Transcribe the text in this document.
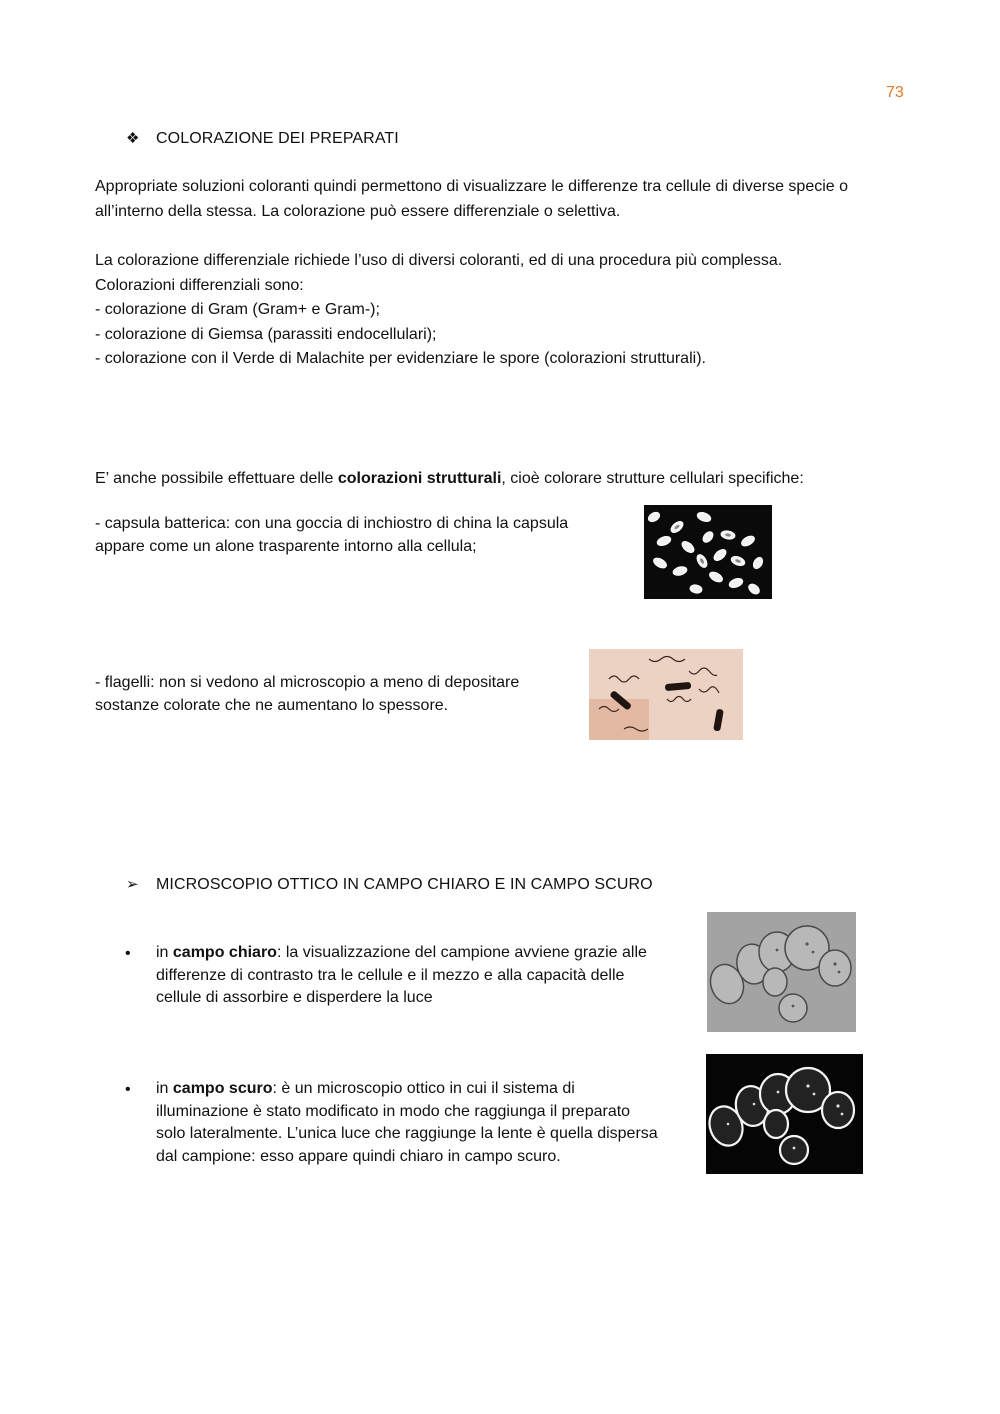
73
❖ COLORAZIONE DEI PREPARATI
Appropriate soluzioni coloranti quindi permettono di visualizzare le differenze tra cellule di diverse specie o
all’interno della stessa. La colorazione può essere differenziale o selettiva.
La colorazione differenziale richiede l’uso di diversi coloranti, ed di una procedura più complessa.
Colorazioni differenziali sono:
- colorazione di Gram (Gram+ e Gram-);
- colorazione di Giemsa (parassiti endocellulari);
- colorazione con il Verde di Malachite per evidenziare le spore (colorazioni strutturali).
E’ anche possibile effettuare delle colorazioni strutturali, cioè colorare strutture cellulari specifiche:
- capsula batterica: con una goccia di inchiostro di china la capsula
appare come un alone trasparente intorno alla cellula;
- flagelli: non si vedono al microscopio a meno di depositare
sostanze colorate che ne aumentano lo spessore.
➢ MICROSCOPIO OTTICO IN CAMPO CHIARO E IN CAMPO SCURO
• in campo chiaro: la visualizzazione del campione avviene grazie alle
differenze di contrasto tra le cellule e il mezzo e alla capacità delle
cellule di assorbire e disperdere la luce
• in campo scuro: è un microscopio ottico in cui il sistema di
illuminazione è stato modificato in modo che raggiunga il preparato
solo lateralmente. L’unica luce che raggiunge la lente è quella dispersa
dal campione: esso appare quindi chiaro in campo scuro.
